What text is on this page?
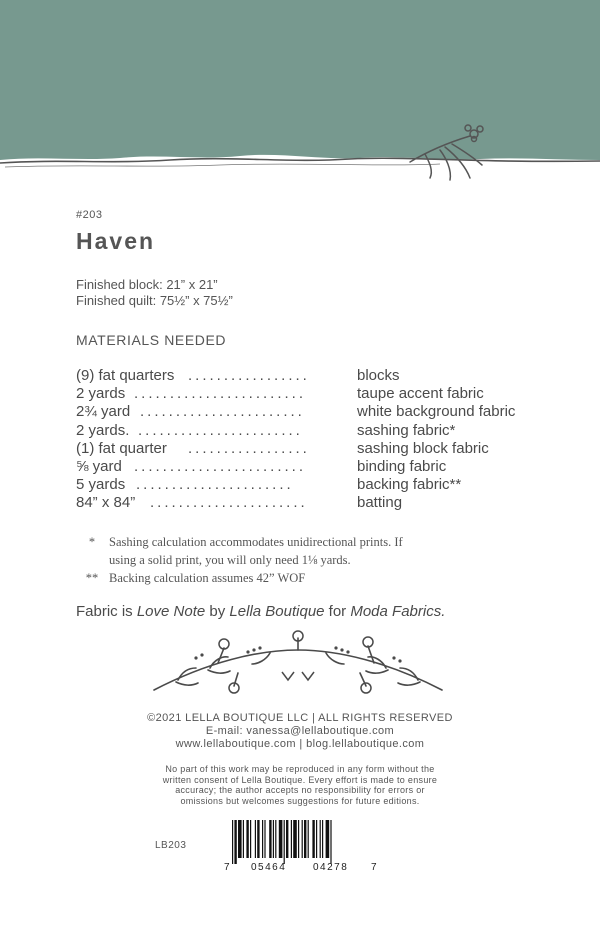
#203
Haven
Finished block: 21” x 21”
Finished quilt: 75½” x 75½”
MATERIALS NEEDED
(9) fat quarters .................	blocks
2 yards ........................	taupe accent fabric
2¾ yard .......................	white background fabric
2 yards. .......................	sashing fabric*
(1) fat quarter .................	sashing block fabric
⅝ yard ........................	binding fabric
5 yards ......................	backing fabric**
84” x 84” ......................	batting
*	Sashing calculation accommodates unidirectional prints. If
using a solid print, you will only need 1⅛ yards.
** Backing calculation assumes 42” WOF
Fabric is Love Note by Lella Boutique for Moda Fabrics.
©2021 LELLA BOUTIQUE LLC | ALL RIGHTS RESERVED
E-mail: vanessa@lellaboutique.com
www.lellaboutique.com | blog.lellaboutique.com
No part of this work may be reproduced in any form without the
written consent of Lella Boutique. Every effort is made to ensure
accuracy; the author accepts no responsibility for errors or
omissions but welcomes suggestions for future editions.
LB203
7 05464	04278 7
